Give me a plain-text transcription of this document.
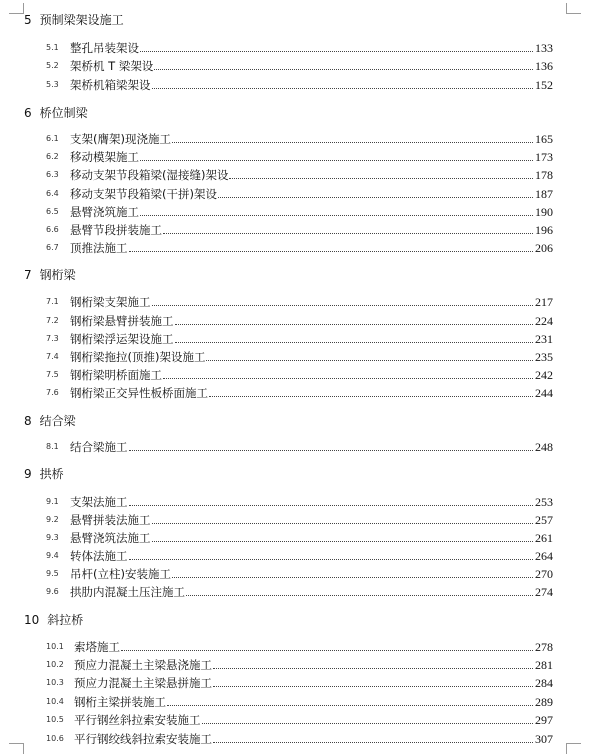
5 预制梁架设施工
5.1 整孔吊装架设	133
5.2 架桥机 T 梁架设	136
5.3 架桥机箱梁架设	152
6 桥位制梁
6.1 支架(膺架)现浇施工	165
6.2 移动模架施工	173
6.3 移动支架节段箱梁(湿接缝)架设	178
6.4 移动支架节段箱梁(干拼)架设	187
6.5 悬臂浇筑施工	190
6.6 悬臂节段拼装施工	196
6.7 顶推法施工	206
7 钢桁梁
7.1 钢桁梁支架施工	217
7.2 钢桁梁悬臂拼装施工	224
7.3 钢桁梁浮运架设施工	231
7.4 钢桁梁拖拉(顶推)架设施工	235
7.5 钢桁梁明桥面施工	242
7.6 钢桁梁正交异性板桥面施工	244
8 结合梁
8.1 结合梁施工	248
9 拱桥
9.1 支架法施工	253
9.2 悬臂拼装法施工	257
9.3 悬臂浇筑法施工	261
9.4 转体法施工	264
9.5 吊杆(立柱)安装施工	270
9.6 拱肋内混凝土压注施工	274
10 斜拉桥
10.1 索塔施工	278
10.2 预应力混凝土主梁悬浇施工	281
10.3 预应力混凝土主梁悬拼施工	284
10.4 钢桁主梁拼装施工	289
10.5 平行钢丝斜拉索安装施工	297
10.6 平行钢绞线斜拉索安装施工	307
